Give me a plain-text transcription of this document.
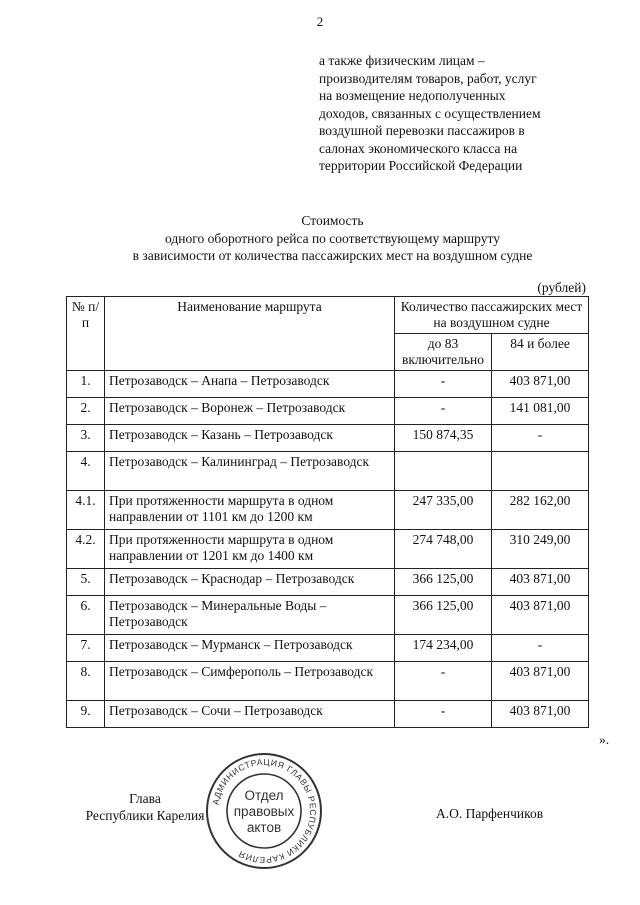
2
а также физическим лицам –
производителям товаров, работ, услуг
на возмещение недополученных
доходов, связанных с осуществлением
воздушной перевозки пассажиров в
салонах экономического класса на
территории Российской Федерации
Стоимость
одного оборотного рейса по соответствующему маршруту
в зависимости от количества пассажирских мест на воздушном судне
(рублей)
№ п/п	Наименование маршрута	Количество пассажирских мест на воздушном судне	
		до 83 включительно	84 и более
1.	Петрозаводск – Анапа – Петрозаводск	-	403 871,00
2.	Петрозаводск – Воронеж – Петрозаводск	-	141 081,00
3.	Петрозаводск – Казань – Петрозаводск	150 874,35	-
4.	Петрозаводск – Калининград – Петрозаводск		
4.1.	При протяженности маршрута в одном направлении от 1101 км до 1200 км	247 335,00	282 162,00
4.2.	При протяженности маршрута в одном направлении от 1201 км до 1400 км	274 748,00	310 249,00
5.	Петрозаводск – Краснодар – Петрозаводск	366 125,00	403 871,00
6.	Петрозаводск – Минеральные Воды – Петрозаводск	366 125,00	403 871,00
7.	Петрозаводск – Мурманск – Петрозаводск	174 234,00	-
8.	Петрозаводск – Симферополь – Петрозаводск	-	403 871,00
9.	Петрозаводск – Сочи – Петрозаводск	-	403 871,00
».
Глава
Республики Карелия	А.О. Парфенчиков
АДМИНИСТРАЦИЯ ГЛАВЫ РЕСПУБЛИКИ КАРЕЛИЯ
Отдел
правовых
актов
